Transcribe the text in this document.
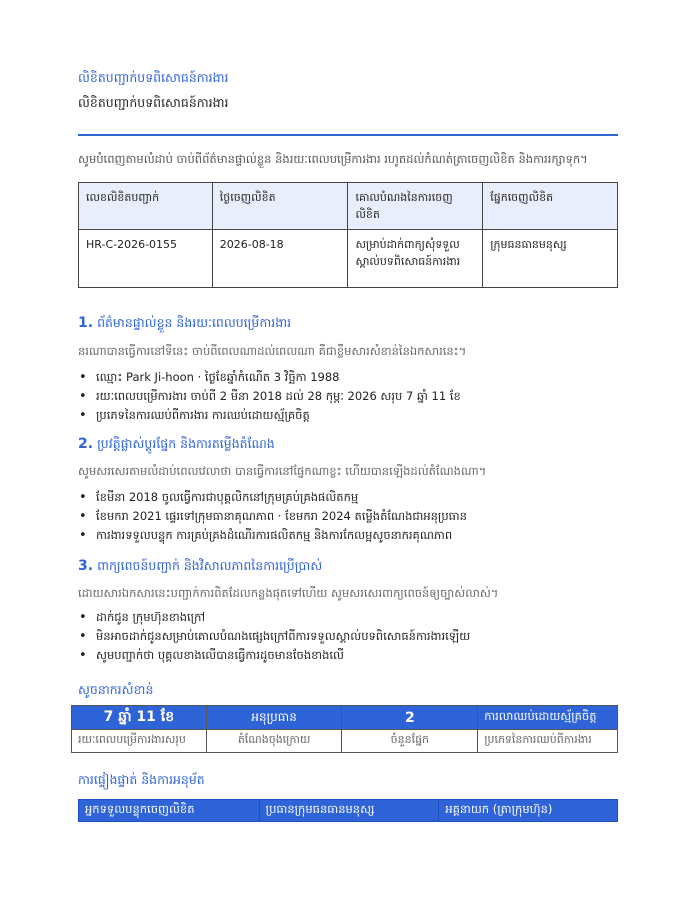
លិខិតបញ្ជាក់បទពិសោធន៍ការងារ
លិខិតបញ្ជាក់បទពិសោធន៍ការងារ
សូមបំពេញតាមលំដាប់ ចាប់ពីព័ត៌មានផ្ទាល់ខ្លួន និងរយៈពេលបម្រើការងារ រហូតដល់កំណត់ត្រាចេញលិខិត និងការរក្សាទុក។
លេខលិខិតបញ្ជាក់	ថ្ងៃចេញលិខិត	គោលបំណងនៃការចេញលិខិត	ផ្នែកចេញលិខិត
HR-C-2026-0155	2026-08-18	សម្រាប់ដាក់ពាក្យសុំទទួលស្គាល់បទពិសោធន៍ការងារ	ក្រុមធនធានមនុស្ស
1. ព័ត៌មានផ្ទាល់ខ្លួន និងរយៈពេលបម្រើការងារ
នរណាបានធ្វើការនៅទីនេះ ចាប់ពីពេលណាដល់ពេលណា គឺជាខ្លឹមសារសំខាន់នៃឯកសារនេះ។
• ឈ្មោះ Park Ji-hoon · ថ្ងៃខែឆ្នាំកំណើត 3 វិច្ឆិកា 1988
• រយៈពេលបម្រើការងារ ចាប់ពី 2 មីនា 2018 ដល់ 28 កុម្ភៈ 2026 សរុប 7 ឆ្នាំ 11 ខែ
• ប្រភេទនៃការឈប់ពីការងារ ការឈប់ដោយស្ម័គ្រចិត្ត
2. ប្រវត្តិផ្លាស់ប្តូរផ្នែក និងការតម្លើងតំណែង
សូមសរសេរតាមលំដាប់ពេលវេលាថា បានធ្វើការនៅផ្នែកណាខ្លះ ហើយបានឡើងដល់តំណែងណា។
• ខែមីនា 2018 ចូលធ្វើការជាបុគ្គលិកនៅក្រុមគ្រប់គ្រងផលិតកម្ម
• ខែមករា 2021 ផ្ទេរទៅក្រុមធានាគុណភាព · ខែមករា 2024 តម្លើងតំណែងជាអនុប្រធាន
• ការងារទទួលបន្ទុក ការគ្រប់គ្រងដំណើរការផលិតកម្ម និងការកែលម្អសូចនាករគុណភាព
3. ពាក្យពេចន៍បញ្ជាក់ និងវិសាលភាពនៃការប្រើប្រាស់
ដោយសារឯកសារនេះបញ្ជាក់ការពិតដែលកន្លងផុតទៅហើយ សូមសរសេរពាក្យពេចន៍ឲ្យច្បាស់លាស់។
• ដាក់ជូន ក្រុមហ៊ុនខាងក្រៅ
• មិនអាចដាក់ជូនសម្រាប់គោលបំណងផ្សេងក្រៅពីការទទួលស្គាល់បទពិសោធន៍ការងារឡើយ
• សូមបញ្ជាក់ថា បុគ្គលខាងលើបានធ្វើការដូចមានចែងខាងលើ
សូចនាករសំខាន់
7 ឆ្នាំ 11 ខែ	អនុប្រធាន	2	ការលាឈប់ដោយស្ម័គ្រចិត្ត
រយៈពេលបម្រើការងារសរុប	តំណែងចុងក្រោយ	ចំនួនផ្នែក	ប្រភេទនៃការឈប់ពីការងារ
ការផ្ទៀងផ្ទាត់ និងការអនុម័ត
អ្នកទទួលបន្ទុកចេញលិខិត	ប្រធានក្រុមធនធានមនុស្ស	អគ្គនាយក (ត្រាក្រុមហ៊ុន)
